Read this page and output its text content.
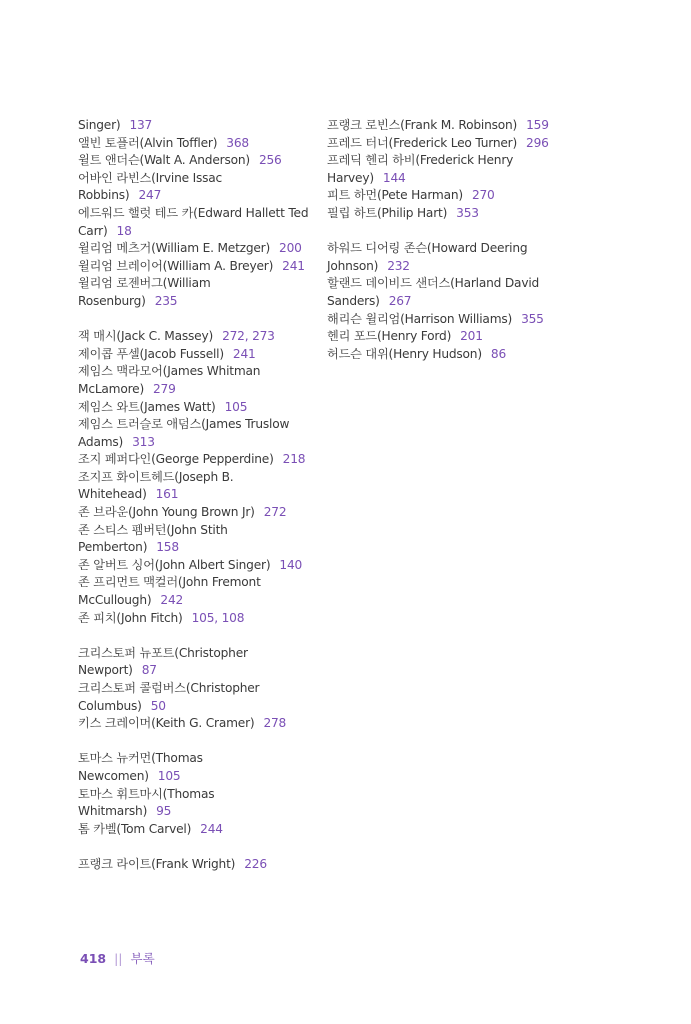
Singer) 137
앨빈 토플러(Alvin Toffler) 368
윌트 앤더슨(Walt A. Anderson) 256
어바인 라빈스(Irvine Issac
Robbins) 247
에드워드 핼럿 테드 카(Edward Hallett Ted
Carr) 18
윌리엄 메츠거(William E. Metzger) 200
윌리엄 브레이어(William A. Breyer) 241
윌리엄 로젠버그(William
Rosenburg) 235
잭 매시(Jack C. Massey) 272, 273
제이콥 푸셀(Jacob Fussell) 241
제임스 맥라모어(James Whitman
McLamore) 279
제임스 와트(James Watt) 105
제임스 트러슬로 애덤스(James Truslow
Adams) 313
조지 페퍼다인(George Pepperdine) 218
조지프 화이트헤드(Joseph B.
Whitehead) 161
존 브라운(John Young Brown Jr) 272
존 스티스 펨버턴(John Stith
Pemberton) 158
존 알버트 싱어(John Albert Singer) 140
존 프리먼트 맥컬러(John Fremont
McCullough) 242
존 피치(John Fitch) 105, 108
크리스토퍼 뉴포트(Christopher
Newport) 87
크리스토퍼 콜럼버스(Christopher
Columbus) 50
키스 크레이머(Keith G. Cramer) 278
토마스 뉴커먼(Thomas
Newcomen) 105
토마스 휘트마시(Thomas
Whitmarsh) 95
톰 카벨(Tom Carvel) 244
프랭크 라이트(Frank Wright) 226
프랭크 로빈스(Frank M. Robinson) 159
프레드 터너(Frederick Leo Turner) 296
프레딕 헨리 하비(Frederick Henry
Harvey) 144
피트 하먼(Pete Harman) 270
필립 하트(Philip Hart) 353
하워드 디어링 존슨(Howard Deering
Johnson) 232
할랜드 데이비드 샌더스(Harland David
Sanders) 267
해리슨 윌리엄(Harrison Williams) 355
헨리 포드(Henry Ford) 201
허드슨 대위(Henry Hudson) 86
418 || 부록
